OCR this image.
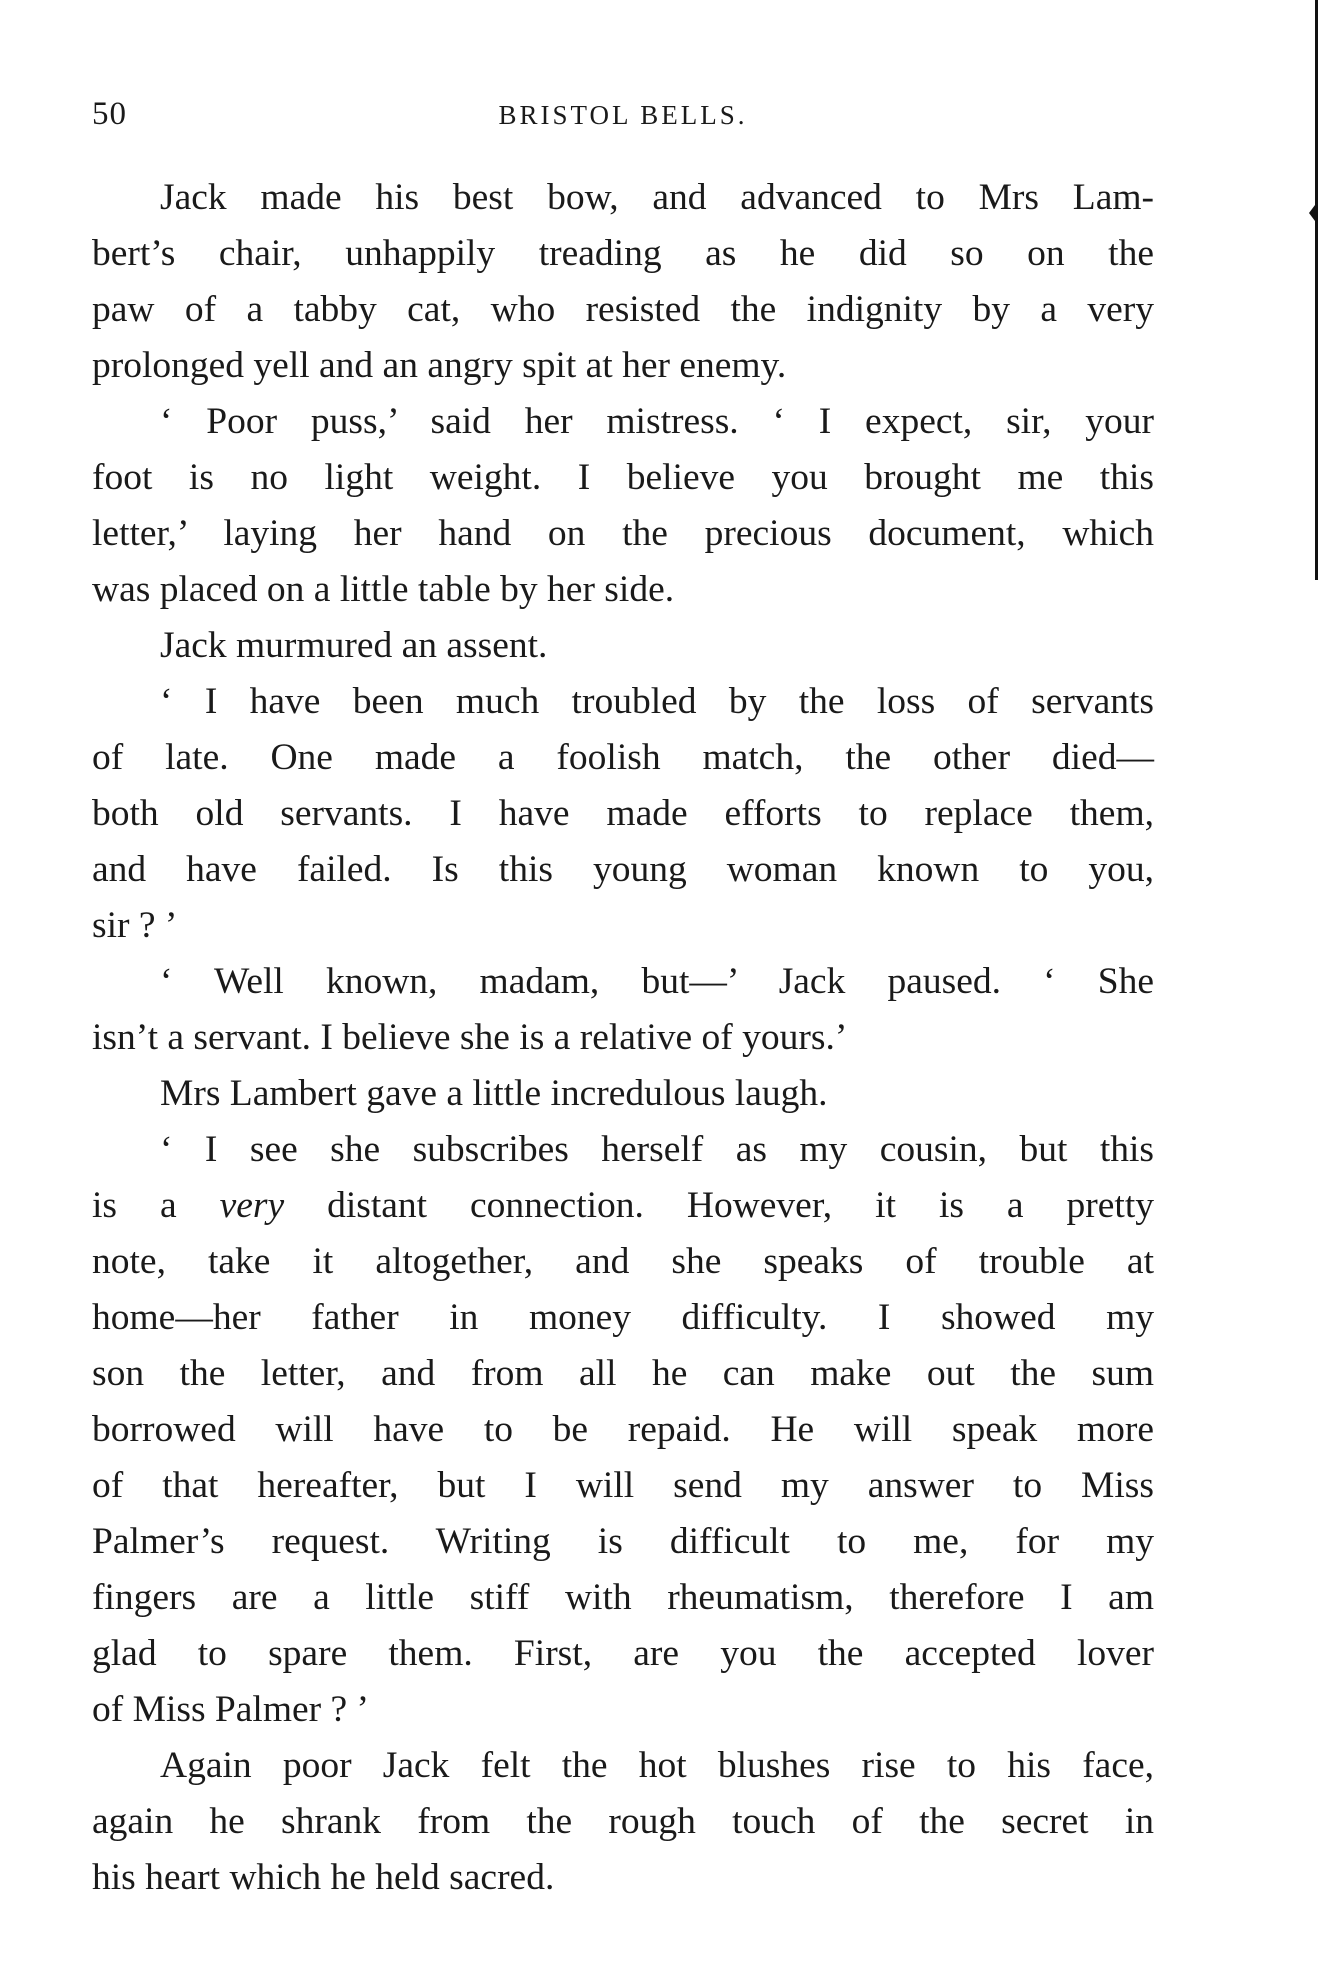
50	BRISTOL BELLS.
Jack made his best bow, and advanced to Mrs Lam-
bert’s chair, unhappily treading as he did so on the
paw of a tabby cat, who resisted the indignity by a very
prolonged yell and an angry spit at her enemy.
‘ Poor puss,’ said her mistress. ‘ I expect, sir, your
foot is no light weight. I believe you brought me this
letter,’ laying her hand on the precious document, which
was placed on a little table by her side.
Jack murmured an assent.
‘ I have been much troubled by the loss of servants
of late. One made a foolish match, the other died—
both old servants. I have made efforts to replace them,
and have failed. Is this young woman known to you,
sir ? ’
‘ Well known, madam, but—’ Jack paused. ‘ She
isn’t a servant. I believe she is a relative of yours.’
Mrs Lambert gave a little incredulous laugh.
‘ I see she subscribes herself as my cousin, but this
is a very distant connection. However, it is a pretty
note, take it altogether, and she speaks of trouble at
home—her father in money difficulty. I showed my
son the letter, and from all he can make out the sum
borrowed will have to be repaid. He will speak more
of that hereafter, but I will send my answer to Miss
Palmer’s request. Writing is difficult to me, for my
fingers are a little stiff with rheumatism, therefore I am
glad to spare them. First, are you the accepted lover
of Miss Palmer ? ’
Again poor Jack felt the hot blushes rise to his face,
again he shrank from the rough touch of the secret in
his heart which he held sacred.
